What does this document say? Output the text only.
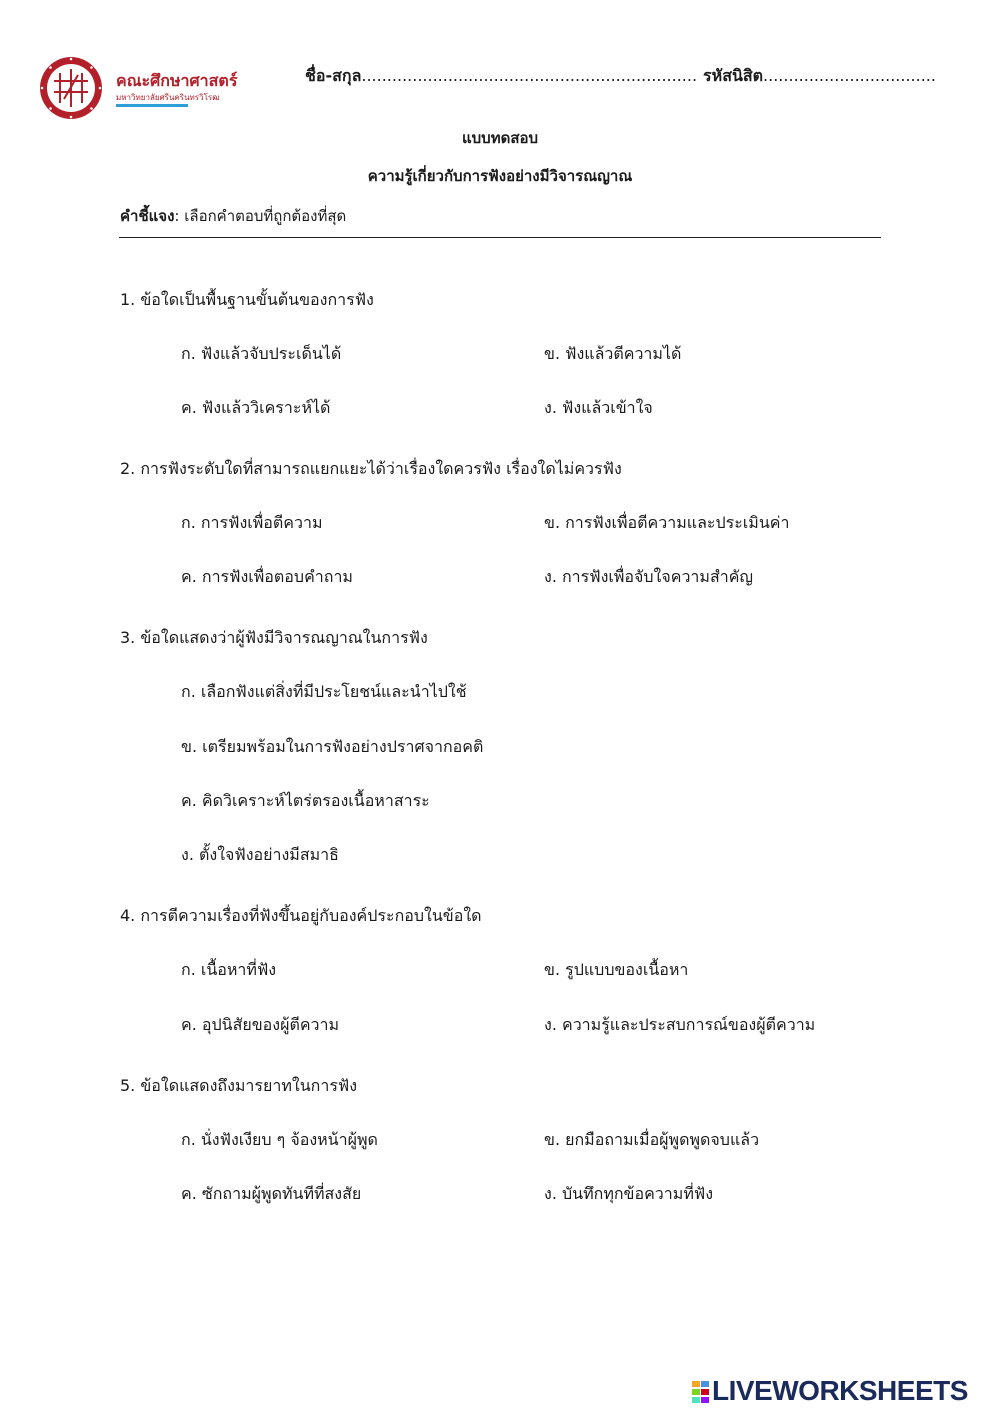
คณะศึกษาศาสตร์
มหาวิทยาลัยศรีนครินทรวิโรฒ
ชื่อ-สกุล.................................................................. รหัสนิสิต..................................
แบบทดสอบ
ความรู้เกี่ยวกับการฟังอย่างมีวิจารณญาณ
คำชี้แจง: เลือกคำตอบที่ถูกต้องที่สุด
1. ข้อใดเป็นพื้นฐานขั้นต้นของการฟัง
ก. ฟังแล้วจับประเด็นได้	ข. ฟังแล้วตีความได้
ค. ฟังแล้ววิเคราะห์ได้	ง. ฟังแล้วเข้าใจ
2. การฟังระดับใดที่สามารถแยกแยะได้ว่าเรื่องใดควรฟัง เรื่องใดไม่ควรฟัง
ก. การฟังเพื่อตีความ	ข. การฟังเพื่อตีความและประเมินค่า
ค. การฟังเพื่อตอบคำถาม	ง. การฟังเพื่อจับใจความสำคัญ
3. ข้อใดแสดงว่าผู้ฟังมีวิจารณญาณในการฟัง
ก. เลือกฟังแต่สิ่งที่มีประโยชน์และนำไปใช้
ข. เตรียมพร้อมในการฟังอย่างปราศจากอคติ
ค. คิดวิเคราะห์ไตร่ตรองเนื้อหาสาระ
ง. ตั้งใจฟังอย่างมีสมาธิ
4. การตีความเรื่องที่ฟังขึ้นอยู่กับองค์ประกอบในข้อใด
ก. เนื้อหาที่ฟัง	ข. รูปแบบของเนื้อหา
ค. อุปนิสัยของผู้ตีความ	ง. ความรู้และประสบการณ์ของผู้ตีความ
5. ข้อใดแสดงถึงมารยาทในการฟัง
ก. นั่งฟังเงียบ ๆ จ้องหน้าผู้พูด	ข. ยกมือถามเมื่อผู้พูดพูดจบแล้ว
ค. ซักถามผู้พูดทันทีที่สงสัย	ง. บันทึกทุกข้อความที่ฟัง
LIVEWORKSHEETS
